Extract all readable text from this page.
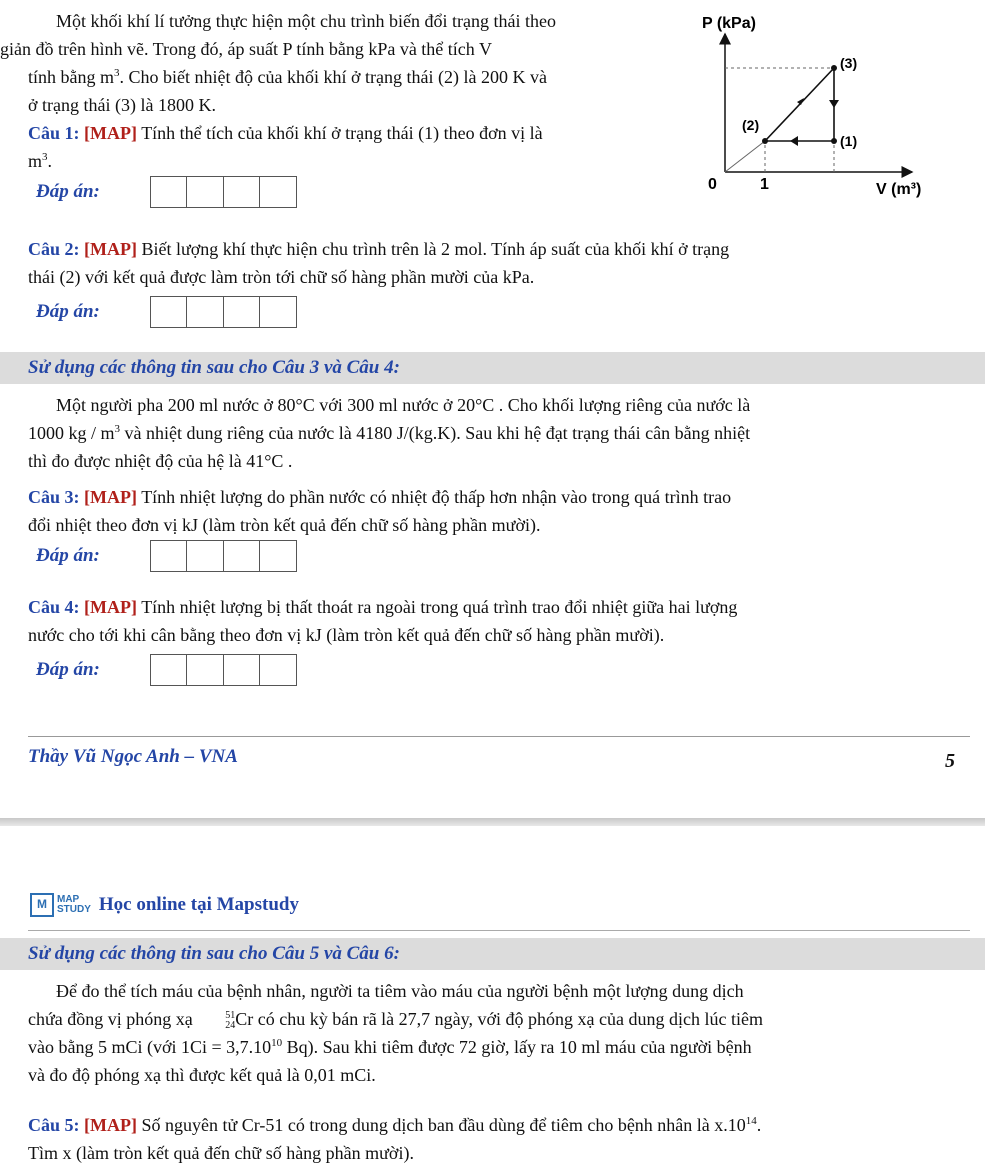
Một khối khí lí tưởng thực hiện một chu trình biến đổi trạng thái theo
giản đồ trên hình vẽ. Trong đó, áp suất P tính bằng kPa và thể tích V
tính bằng $m^3$. Cho biết nhiệt độ của khối khí ở trạng thái (2) là 200 K và
ở trạng thái (3) là 1800 K.

Câu 1: [MAP] Tính thể tích của khối khí ở trạng thái (1) theo đơn vị là
$m^3$.

Đáp án:
P (kPa)
V (m³)
0	1
(1)
(2)
(3)

Câu 2: [MAP] Biết lượng khí thực hiện chu trình trên là 2 mol. Tính áp suất của khối khí ở trạng
thái (2) với kết quả được làm tròn tới chữ số hàng phần mười của kPa.

Đáp án:
Sử dụng các thông tin sau cho Câu 3 và Câu 4:

Một người pha 200 ml nước ở 80°C với 300 ml nước ở 20°C . Cho khối lượng riêng của nước là
1000 kg / $m^3$ và nhiệt dung riêng của nước là 4180 J/(kg.K). Sau khi hệ đạt trạng thái cân bằng nhiệt
thì đo được nhiệt độ của hệ là 41°C .

Câu 3: [MAP] Tính nhiệt lượng do phần nước có nhiệt độ thấp hơn nhận vào trong quá trình trao
đổi nhiệt theo đơn vị kJ (làm tròn kết quả đến chữ số hàng phần mười).

Đáp án:

Câu 4: [MAP] Tính nhiệt lượng bị thất thoát ra ngoài trong quá trình trao đổi nhiệt giữa hai lượng
nước cho tới khi cân bằng theo đơn vị kJ (làm tròn kết quả đến chữ số hàng phần mười).

Đáp án:
Thầy Vũ Ngọc Anh – VNA	5
M	MAP
STUDY Học online tại Mapstudy
Sử dụng các thông tin sau cho Câu 5 và Câu 6:

Để đo thể tích máu của bệnh nhân, người ta tiêm vào máu của người bệnh một lượng dung dịch
chứa đồng vị phóng xạ	51
24 Cr có chu kỳ bán rã là 27,7 ngày, với độ phóng xạ của dung dịch lúc tiêm
vào bằng 5 mCi (với $1Ci = 3,7.10^{10}$ Bq). Sau khi tiêm được 72 giờ, lấy ra 10 ml máu của người bệnh
và đo độ phóng xạ thì được kết quả là 0,01 mCi.

Câu 5: [MAP] Số nguyên tử Cr-51 có trong dung dịch ban đầu dùng để tiêm cho bệnh nhân là $x.10^{14}$.
Tìm x (làm tròn kết quả đến chữ số hàng phần mười).
